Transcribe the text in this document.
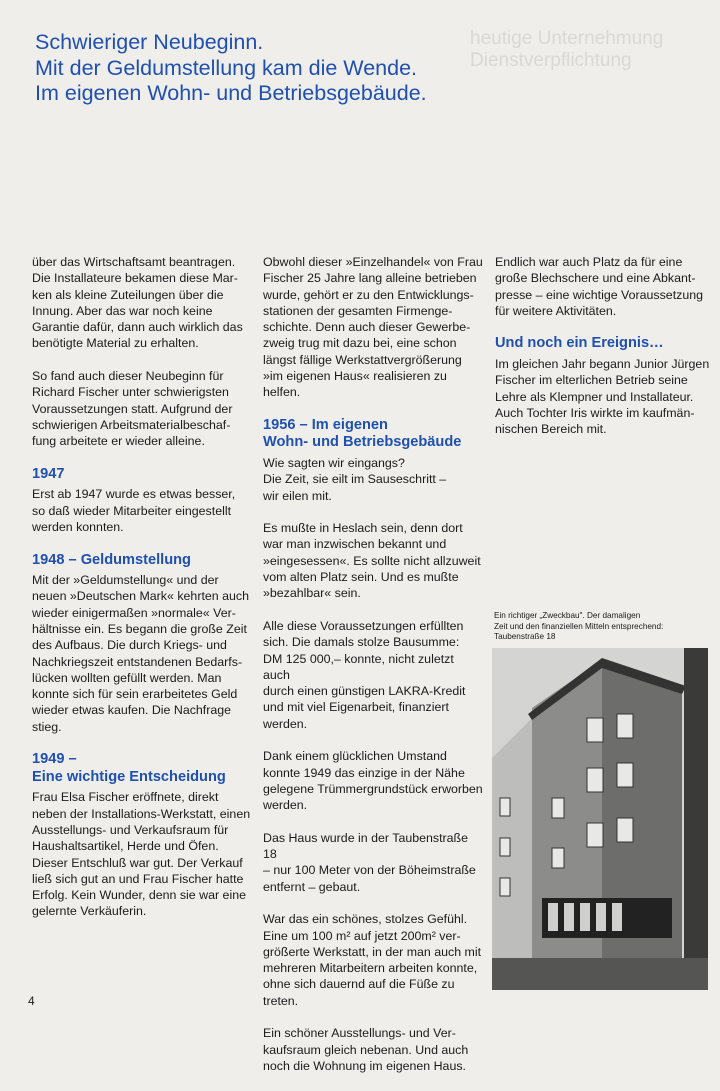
heutige Unternehmung
Dienstverpflichtung
Schwieriger Neubeginn.
Mit der Geldumstellung kam die Wende.
Im eigenen Wohn- und Betriebsgebäude.

über das Wirtschaftsamt beantragen.
Die Installateure bekamen diese Mar-
ken als kleine Zuteilungen über die
Innung. Aber das war noch keine
Garantie dafür, dann auch wirklich das
benötigte Material zu erhalten.

So fand auch dieser Neubeginn für
Richard Fischer unter schwierigsten
Voraussetzungen statt. Aufgrund der
schwierigen Arbeitsmaterialbeschaf-
fung arbeitete er wieder alleine.

1947

Erst ab 1947 wurde es etwas besser,
so daß wieder Mitarbeiter eingestellt
werden konnten.

1948 – Geldumstellung

Mit der »Geldumstellung« und der
neuen »Deutschen Mark« kehrten auch
wieder einigermaßen »normale« Ver-
hältnisse ein. Es begann die große Zeit
des Aufbaus. Die durch Kriegs- und
Nachkriegszeit entstandenen Bedarfs-
lücken wollten gefüllt werden. Man
konnte sich für sein erarbeitetes Geld
wieder etwas kaufen. Die Nachfrage
stieg.

1949 –
Eine wichtige Entscheidung

Frau Elsa Fischer eröffnete, direkt
neben der Installations-Werkstatt, einen
Ausstellungs- und Verkaufsraum für
Haushaltsartikel, Herde und Öfen.
Dieser Entschluß war gut. Der Verkauf
ließ sich gut an und Frau Fischer hatte
Erfolg. Kein Wunder, denn sie war eine
gelernte Verkäuferin.

Obwohl dieser »Einzelhandel« von Frau
Fischer 25 Jahre lang alleine betrieben
wurde, gehört er zu den Entwicklungs-
stationen der gesamten Firmenge-
schichte. Denn auch dieser Gewerbe-
zweig trug mit dazu bei, eine schon
längst fällige Werkstattvergrößerung
»im eigenen Haus« realisieren zu
helfen.

1956 – Im eigenen
Wohn- und Betriebsgebäude

Wie sagten wir eingangs?
Die Zeit, sie eilt im Sauseschritt –
wir eilen mit.

Es mußte in Heslach sein, denn dort
war man inzwischen bekannt und
»eingesessen«. Es sollte nicht allzuweit
vom alten Platz sein. Und es mußte
»bezahlbar« sein.

Alle diese Voraussetzungen erfüllten
sich. Die damals stolze Bausumme:
DM 125 000,– konnte, nicht zuletzt auch
durch einen günstigen LAKRA-Kredit
und mit viel Eigenarbeit, finanziert
werden.

Dank einem glücklichen Umstand
konnte 1949 das einzige in der Nähe
gelegene Trümmergrundstück erworben
werden.

Das Haus wurde in der Taubenstraße 18
– nur 100 Meter von der Böheimstraße
entfernt – gebaut.

War das ein schönes, stolzes Gefühl.
Eine um 100 m² auf jetzt 200m² ver-
größerte Werkstatt, in der man auch mit
mehreren Mitarbeitern arbeiten konnte,
ohne sich dauernd auf die Füße zu
treten.

Ein schöner Ausstellungs- und Ver-
kaufsraum gleich nebenan. Und auch
noch die Wohnung im eigenen Haus.

Endlich war auch Platz da für eine
große Blechschere und eine Abkant-
presse – eine wichtige Voraussetzung
für weitere Aktivitäten.

Und noch ein Ereignis…

Im gleichen Jahr begann Junior Jürgen
Fischer im elterlichen Betrieb seine
Lehre als Klempner und Installateur.
Auch Tochter Iris wirkte im kaufmän-
nischen Bereich mit.

Ein richtiger „Zweckbau". Der damaligen
Zeit und den finanziellen Mitteln entsprechend:
Taubenstraße 18
4
